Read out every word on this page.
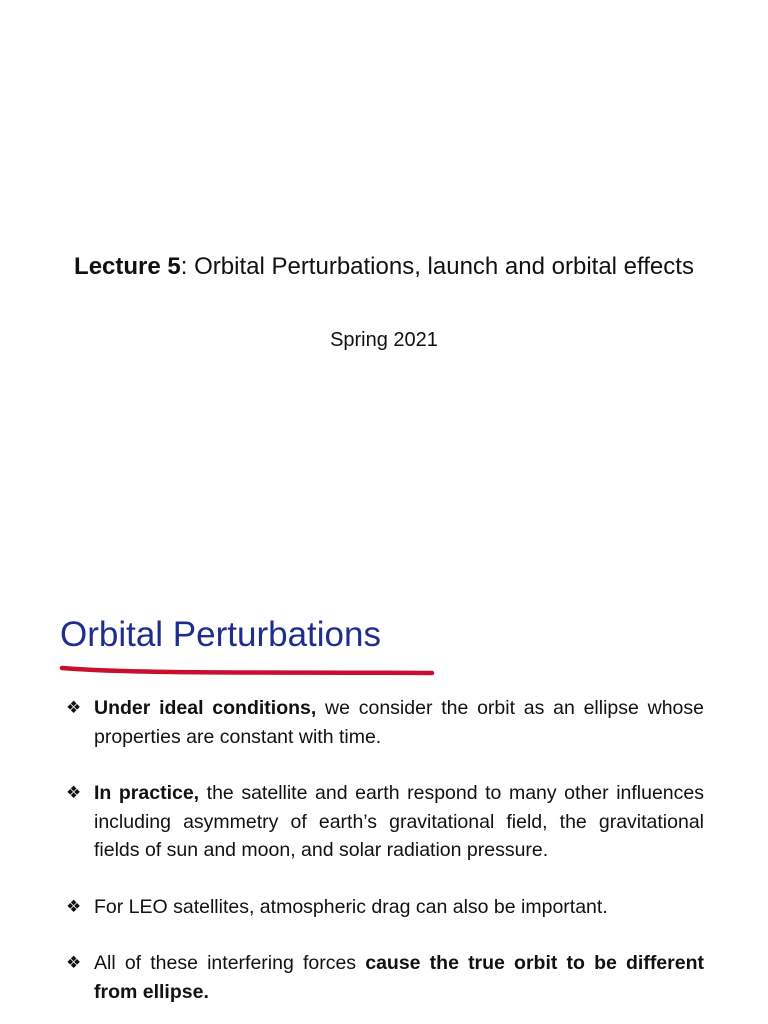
Lecture 5: Orbital Perturbations, launch and orbital effects
Spring 2021
Orbital Perturbations
❖ Under ideal conditions, we consider the orbit as an ellipse whose properties are constant with time.
❖ In practice, the satellite and earth respond to many other influences including asymmetry of earth’s gravitational field, the gravitational fields of sun and moon, and solar radiation pressure.
❖ For LEO satellites, atmospheric drag can also be important.
❖ All of these interfering forces cause the true orbit to be different from ellipse.
